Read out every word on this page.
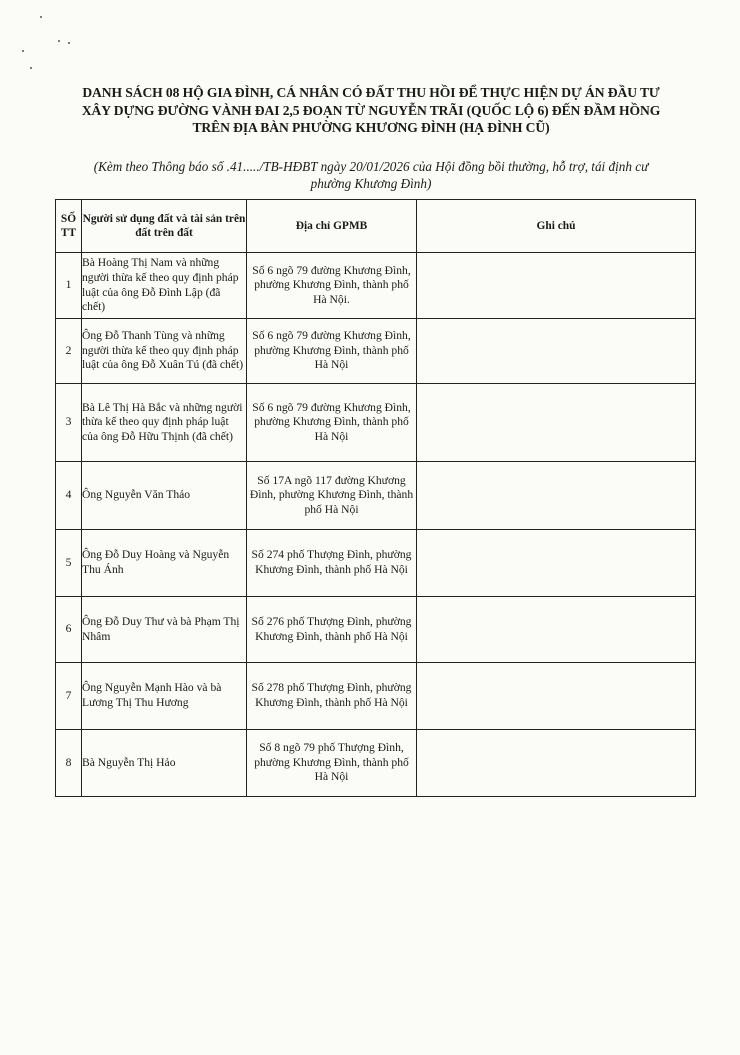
DANH SÁCH 08 HỘ GIA ĐÌNH, CÁ NHÂN CÓ ĐẤT THU HỒI ĐỂ THỰC HIỆN DỰ ÁN ĐẦU TƯ
XÂY DỰNG ĐƯỜNG VÀNH ĐAI 2,5 ĐOẠN TỪ NGUYỄN TRÃI (QUỐC LỘ 6) ĐẾN ĐẦM HỒNG
TRÊN ĐỊA BÀN PHƯỜNG KHƯƠNG ĐÌNH (HẠ ĐÌNH CŨ)
(Kèm theo Thông báo số .41...../TB-HĐBT ngày 20/01/2026 của Hội đồng bồi thường, hỗ trợ, tái định cư
phường Khương Đình)
SỐ TT	Người sử dụng đất và tài sản trên đất trên đất	Địa chỉ GPMB	Ghi chú
1	Bà Hoàng Thị Nam và những người thừa kế theo quy định pháp luật của ông Đỗ Đình Lập (đã chết)	Số 6 ngõ 79 đường Khương Đình, phường Khương Đình, thành phố Hà Nội.	
2	Ông Đỗ Thanh Tùng và những người thừa kế theo quy định pháp luật của ông Đỗ Xuân Tú (đã chết)	Số 6 ngõ 79 đường Khương Đình, phường Khương Đình, thành phố Hà Nội	
3	Bà Lê Thị Hà Bắc và những người thừa kế theo quy định pháp luật của ông Đỗ Hữu Thịnh (đã chết)	Số 6 ngõ 79 đường Khương Đình, phường Khương Đình, thành phố Hà Nội	
4	Ông Nguyễn Văn Thảo	Số 17A ngõ 117 đường Khương Đình, phường Khương Đình, thành phố Hà Nội	
5	Ông Đỗ Duy Hoàng và Nguyễn Thu Ánh	Số 274 phố Thượng Đình, phường Khương Đình, thành phố Hà Nội	
6	Ông Đỗ Duy Thư và bà Phạm Thị Nhâm	Số 276 phố Thượng Đình, phường Khương Đình, thành phố Hà Nội	
7	Ông Nguyễn Mạnh Hào và bà Lương Thị Thu Hương	Số 278 phố Thượng Đình, phường Khương Đình, thành phố Hà Nội	
8	Bà Nguyễn Thị Hảo	Số 8 ngõ 79 phố Thượng Đình, phường Khương Đình, thành phố Hà Nội	
